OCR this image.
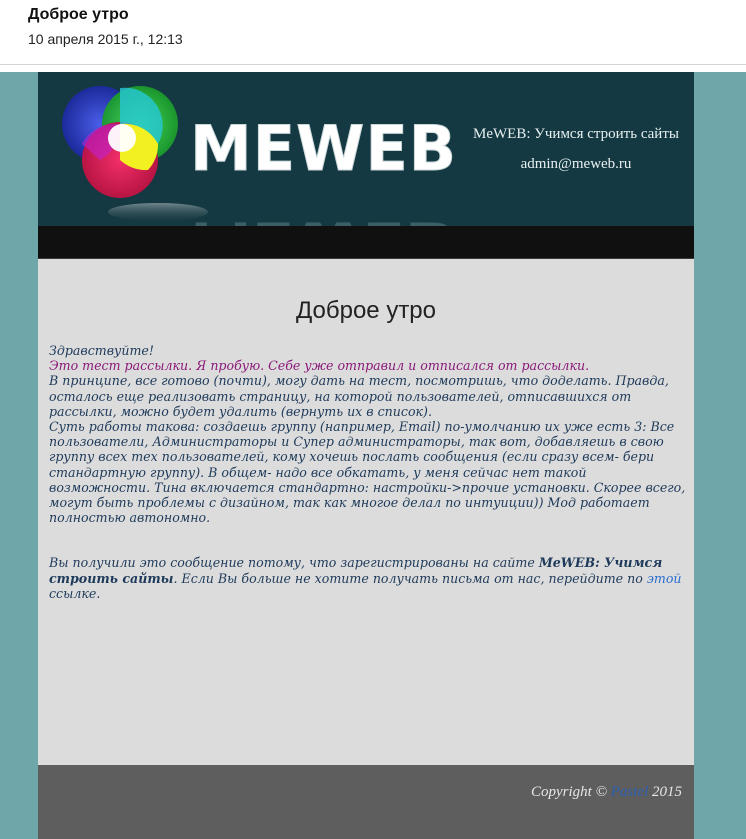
Доброе утро
10 апреля 2015 г., 12:13
MEWEB	MeWEB: Учимся строить сайты
admin@meweb.ru
Доброе утро

Здравствуйте!

Это тест рассылки. Я пробую. Себе уже отправил и отписался от рассылки.

В принципе, все готово (почти), могу дать на тест, посмотришь, что доделать. Правда, осталось еще реализовать страницу, на которой пользователей, отписавшихся от рассылки, можно будет удалить (вернуть их в список).

Суть работы такова: создаешь группу (например, Email) по-умолчанию их уже есть 3: Все пользователи, Администраторы и Супер администраторы, так вот, добавляешь в свою группу всех тех пользователей, кому хочешь послать сообщения (если сразу всем- бери стандартную группу). В общем- надо все обкатать, у меня сейчас нет такой возможности. Тина включается стандартно: настройки->прочие установки. Скорее всего, могут быть проблемы с дизайном, так как многое делал по интуиции)) Мод работает полностью автономно.

Вы получили это сообщение потому, что зарегистрированы на сайте MeWEB: Учимся строить сайты. Если Вы больше не хотите получать письма от нас, перейдите по этой ссылке.

Copyright © Pastel 2015
